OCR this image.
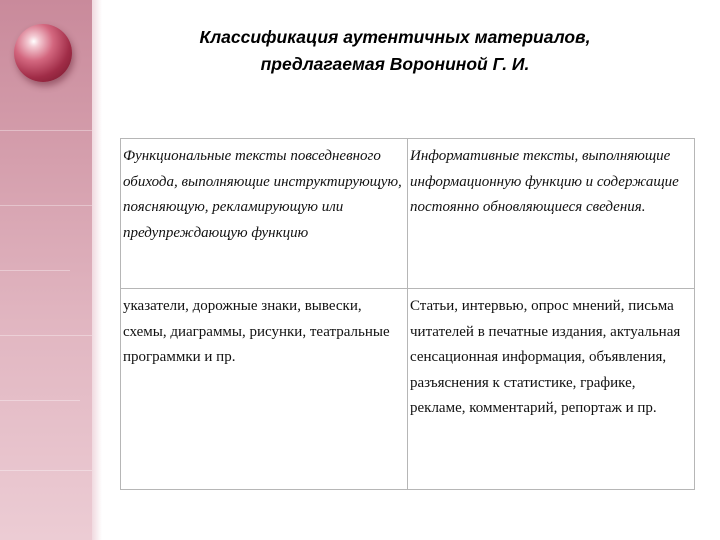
Классификация аутентичных материалов,
предлагаемая Ворониной Г. И.
Функциональные тексты повседневного обихода, выполняющие инструктирующую, поясняющую, рекламирующую или предупреждающую функцию	Информативные тексты, выполняющие информационную функцию и содержащие постоянно обновляющиеся сведения.
указатели, дорожные знаки, вывески, схемы, диаграммы, рисунки, театральные программки и пр.	Статьи, интервью, опрос мнений, письма читателей в печатные издания, актуальная сенсационная информация, объявления, разъяснения к статистике, графике, рекламе, комментарий, репортаж и пр.
